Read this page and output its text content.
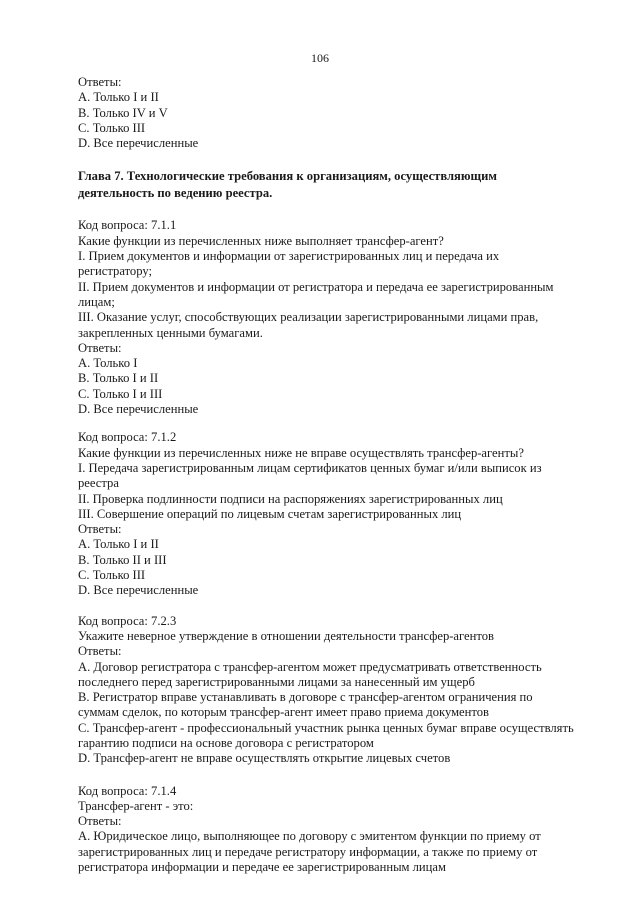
106
Ответы:
A. Только I и II
B. Только IV и V
C. Только III
D. Все перечисленные
Глава 7. Технологические требования к организациям, осуществляющим
деятельность по ведению реестра.
Код вопроса: 7.1.1
Какие функции из перечисленных ниже выполняет трансфер-агент?
I. Прием документов и информации от зарегистрированных лиц и передача их
регистратору;
II. Прием документов и информации от регистратора и передача ее зарегистрированным
лицам;
III. Оказание услуг, способствующих реализации зарегистрированными лицами прав,
закрепленных ценными бумагами.
Ответы:
A. Только I
B. Только I и II
C. Только I и III
D. Все перечисленные
Код вопроса: 7.1.2
Какие функции из перечисленных ниже не вправе осуществлять трансфер-агенты?
I. Передача зарегистрированным лицам сертификатов ценных бумаг и/или выписок из
реестра
II. Проверка подлинности подписи на распоряжениях зарегистрированных лиц
III. Совершение операций по лицевым счетам зарегистрированных лиц
Ответы:
A. Только I и II
B. Только II и III
C. Только III
D. Все перечисленные
Код вопроса: 7.2.3
Укажите неверное утверждение в отношении деятельности трансфер-агентов
Ответы:
A. Договор регистратора с трансфер-агентом может предусматривать ответственность
последнего перед зарегистрированными лицами за нанесенный им ущерб
B. Регистратор вправе устанавливать в договоре с трансфер-агентом ограничения по
суммам сделок, по которым трансфер-агент имеет право приема документов
C. Трансфер-агент - профессиональный участник рынка ценных бумаг вправе осуществлять
гарантию подписи на основе договора с регистратором
D. Трансфер-агент не вправе осуществлять открытие лицевых счетов
Код вопроса: 7.1.4
Трансфер-агент - это:
Ответы:
A. Юридическое лицо, выполняющее по договору с эмитентом функции по приему от
зарегистрированных лиц и передаче регистратору информации, а также по приему от
регистратора информации и передаче ее зарегистрированным лицам
